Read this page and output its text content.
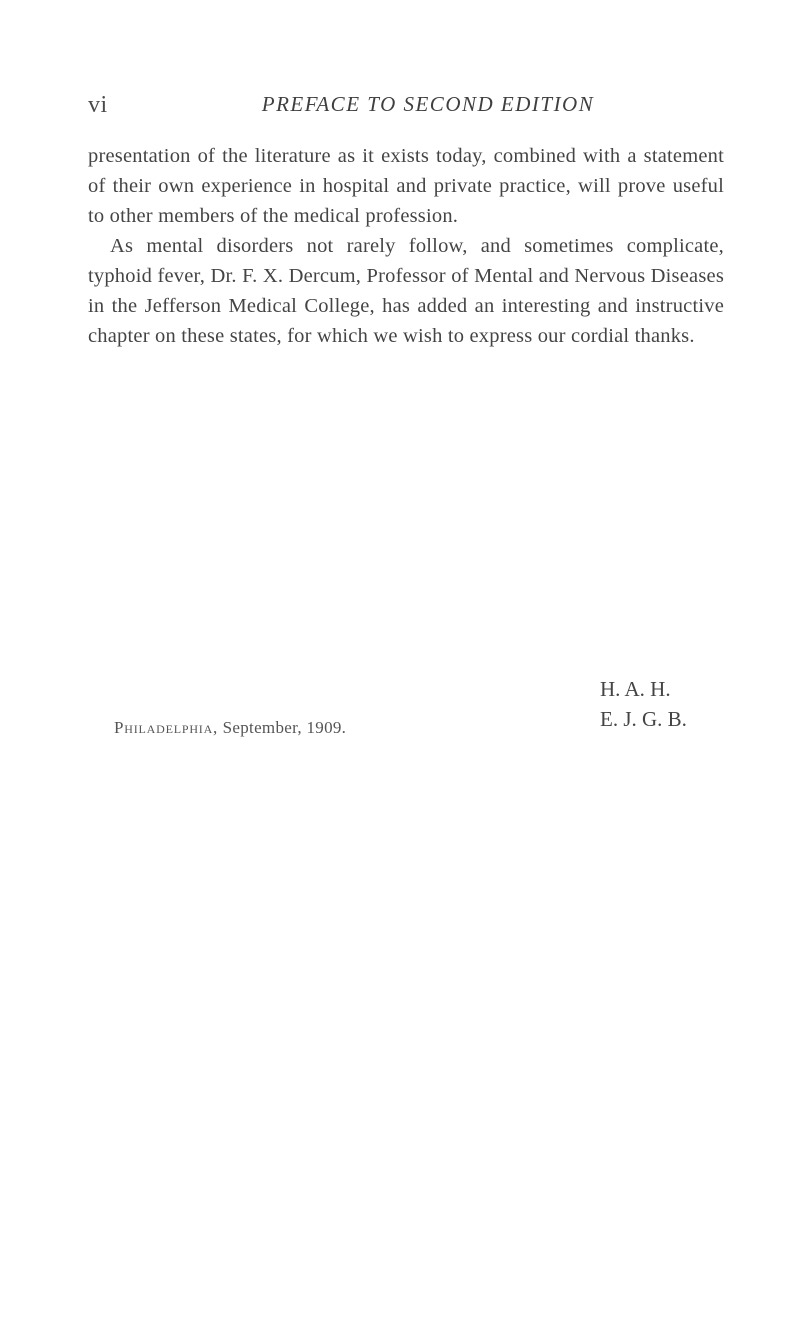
vi	PREFACE TO SECOND EDITION

presentation of the literature as it exists today, combined with a statement of their own experience in hospital and private practice, will prove useful to other members of the medical profession.

As mental disorders not rarely follow, and sometimes complicate, typhoid fever, Dr. F. X. Dercum, Professor of Mental and Nervous Diseases in the Jefferson Medical College, has added an interesting and instructive chapter on these states, for which we wish to express our cordial thanks.

H. A. H.
E. J. G. B.
Philadelphia, September, 1909.
